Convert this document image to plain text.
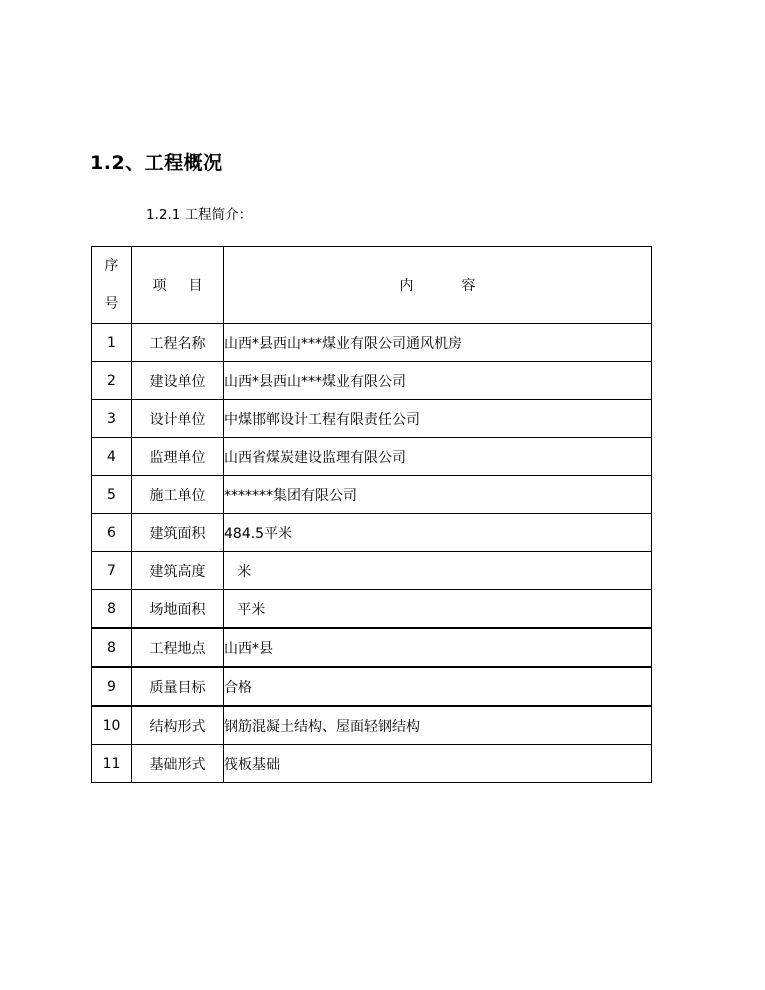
1.2、工程概况
1.2.1 工程简介：
序
号	项 目	内 容
1	工程名称	山西*县西山***煤业有限公司通风机房
2	建设单位	山西*县西山***煤业有限公司
3	设计单位	中煤邯郸设计工程有限责任公司
4	监理单位	山西省煤炭建设监理有限公司
5	施工单位	*******集团有限公司
6	建筑面积	484.5平米
7	建筑高度	米
8	场地面积	平米
8	工程地点	山西*县
9	质量目标	合格
10	结构形式	钢筋混凝土结构、屋面轻钢结构
11	基础形式	筏板基础
